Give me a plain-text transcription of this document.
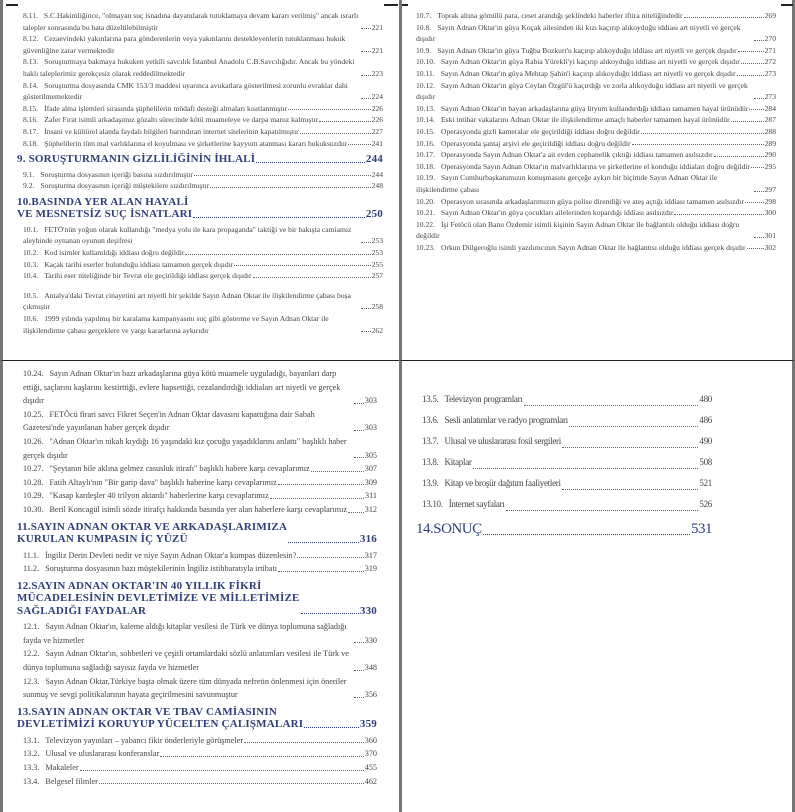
8.11. S.C.Hakimliğince, "olmayan suç isnadına dayanılarak tutuklamaya devam kararı verilmiş" ancak ısrarlı talepler sonrasında bu hata düzeltilebilmiştir	221
8.12. Cezaevindeki yakınlarına para gönderenlerin veya yakınlarını destekleyenlerin tutuklanması hukuk güvenliğine zarar vermektedir	221
8.13. Soruşturmaya bakmaya hukuken yetkili savcılık İstanbul Anadolu C.B.Savcılığıdır. Ancak bu yöndeki haklı taleplerimiz gerekçesiz olarak reddedilmektedir	223
8.14. Soruşturma dosyasında CMK 153/3 maddesi uyarınca avukatlara gösterilmesi zorunlu evraklar dahi gösterilmemektedir	224
8.15. İfade alma işlemleri sırasında şüphelilerin müdafi desteği almaları kısıtlanmıştır	226
8.16. Zafer Fırat isimli arkadaşımız gözaltı sürecinde kötü muameleye ve darpa maruz kalmıştır	226
8.17. İnsani ve kültürel alanda faydalı bilgileri barındıran internet sitelerinin kapatılmıştır	227
8.18. Şüphelilerin tüm mal varlıklarına el koyulması ve şirketlerine kayyum atanması kararı hukuksuzdur	241
9. SORUŞTURMANIN GİZLİLİĞİNİN İHLALİ	244
9.1. Soruşturma dosyasının içeriği basına sızdırılmıştır	244
9.2. Soruşturma dosyasının içeriği müştekilere sızdırılmıştır	248
10.BASINDA YER ALAN HAYALİ
VE MESNETSİZ SUÇ İSNATLARI	250
10.1. FETÖ'nün yoğun olarak kullandığı "medya yolu ile kara propaganda" taktiği ve bir bakışta camiamız aleyhinde oynanan oyunun deşifresi	253
10.2. Kod isimler kullanıldığı iddiası doğru değildir	253
10.3. Kaçak tarihi eserler bulunduğu iddiası tamamen gerçek dışıdır	255
10.4. Tarihi eser niteliğinde bir Tevrat ele geçirildiği iddiası gerçek dışıdır	257
10.5. Antalya'daki Tevrat cinayetini art niyetli bir şekilde Sayın Adnan Oktar ile ilişkilendirme çabası boşa çıkmıştır	258
10.6. 1999 yılında yapılmış bir karalama kampanyasını suç gibi gösterme ve Sayın Adnan Oktar ile ilişkilendirme çabası gerçeklere ve yargı kararlarına aykırıdır	262
10.7. Toprak altına gömülü para, ceset arandığı şeklindeki haberler iftira niteliğindedir	269
10.8. Sayın Adnan Oktar'ın güya Koçak ailesinden iki kızı kaçırıp alıkoyduğu iddiası art niyetli ve gerçek dışıdır	270
10.9. Sayın Adnan Oktar'ın güya Tuğba Bozkurt'u kaçırıp alıkoyduğu iddiası art niyetli ve gerçek dışıdır	271
10.10. Sayın Adnan Oktar'ın güya Rabia Yürekli'yi kaçırıp alıkoyduğu iddiası art niyetli ve gerçek dışıdır	272
10.11. Sayın Adnan Oktar'ın güya Mehtap Şahin'i kaçırıp alıkoyduğu iddiası art niyetli ve gerçek dışıdır	273
10.12. Sayın Adnan Oktar'ın güya Ceylan Özgül'ü kaçırdığı ve zorla alıkoyduğu iddiası art niyetli ve gerçek dışıdır	273
10.13. Sayın Adnan Oktar'ın bayan arkadaşlarına güya lityum kullandırdığı iddiası tamamen hayal ürünüdür 284
10.14. Eski intihar vakalarını Adnan Oktar ile ilişkilendirme amaçlı haberler tamamen hayal ürünüdür	287
10.15. Operasyonda gizli kameralar ele geçirildiği iddiası doğru değildir	288
10.16. Operasyonda şantaj arşivi ele geçirildiği iddiası doğru değildir	289
10.17. Operasyonda Sayın Adnan Oktar'a ait evden cephanelik çıktığı iddiası tamamen asılsızdır	290
10.18. Operasyonda Sayın Adnan Oktar'ın malvarlıklarına ve şirketlerine el konduğu iddiaları doğru değildir 295
10.19. Sayın Cumhurbaşkanımızın konuşmasını gerçeğe aykırı bir biçimde Sayın Adnan Oktar ile ilişkilendirme çabası	297
10.20. Operasyon sırasında arkadaşlarımızın güya polise direndiği ve ateş açtığı iddiası tamamen asılsızdır	298
10.21. Sayın Adnan Oktar'ın güya çocukları ailelerinden kopardığı iddiası asılsızdır	300
10.22. İşi Fetöcü olan Banu Özdemir isimli kişinin Sayın Adnan Oktar ile bağlantılı olduğu iddiası doğru değildir	301
10.23. Orkun Dülgeroğlu isimli yazılımcının Sayın Adnan Oktar ile bağlantısı olduğu iddiası gerçek dışıdır	302
10.24. Sayın Adnan Oktar'ın bazı arkadaşlarına güya kötü muamele uyguladığı, bayanları darp ettiği, saçlarını kaşlarını kestirttiği, evlere hapsettiği, cezalandırdığı iddiaları art niyetli ve gerçek dışıdır	303
10.25. FETÖcü firari savcı Fikret Seçen'in Adnan Oktar davasını kapattığına dair Sabah Gazetesi'nde yayınlanan haber gerçek dışıdır	303
10.26. "Adnan Oktar'ın nikah kıydığı 16 yaşındaki kız çocuğu yaşadıklarını anlattı" başlıklı haber gerçek dışıdır	305
10.27. "Şeytanın bile aklına gelmez casusluk itirafı" başlıklı habere karşı cevaplarımız	307
10.28. Fatih Altaylı'nın "Bir garip dava" başlıklı haberine karşı cevaplarımız	309
10.29. "Kasap kardeşler 40 trilyon aktardı" haberlerine karşı cevaplarımız	311
10.30. Beril Koncagül isimli sözde itirafçı hakkında basında yer alan haberlere karşı cevaplarımız 312
11.SAYIN ADNAN OKTAR VE ARKADAŞLARIMIZA
KURULAN KUMPASIN İÇ YÜZÜ	316
11.1. İngiliz Derin Devleti nedir ve niye Sayın Adnan Oktar'a kumpas düzenlesin?	317
11.2. Soruşturma dosyasının bazı müştekilerinin İngiliz istihbaratıyla irtibatı	319
12.SAYIN ADNAN OKTAR'IN 40 YILLIK FİKRİ
MÜCADELESİNİN DEVLETİMİZE VE MİLLETİMİZE
SAĞLADIĞI FAYDALAR	330
12.1. Sayın Adnan Oktar'ın, kaleme aldığı kitaplar vesilesi ile Türk ve dünya toplumuna sağladığı fayda ve hizmetler	330
12.2. Sayın Adnan Oktar'ın, sohbetleri ve çeşitli ortamlardaki sözlü anlatımları vesilesi ile Türk ve dünya toplumuna sağladığı sayısız fayda ve hizmetler	348
12.3. Sayın Adnan Oktar,Türkiye başta olmak üzere tüm dünyada nefretin önlenmesi için öneriler sunmuş ve sevgi politikalarının hayata geçirilmesini savunmuştur	356
13.SAYIN ADNAN OKTAR VE TBAV CAMİASININ
DEVLETİMİZİ KORUYUP YÜCELTEN ÇALIŞMALARI	359
13.1. Televizyon yayınları – yabancı fikir önderleriyle görüşmeler	360
13.2. Ulusal ve uluslararası konferanslar	370
13.3. Makaleler	455
13.4. Belgesel filmler	462
13.5. Televizyon programları	480
13.6. Sesli anlatımlar ve radyo programları	486
13.7. Ulusal ve uluslararası fosil sergileri	490
13.8. Kitaplar	508
13.9. Kitap ve broşür dağıtım faaliyetleri	521
13.10. İnternet sayfaları	526
14.SONUÇ	531
